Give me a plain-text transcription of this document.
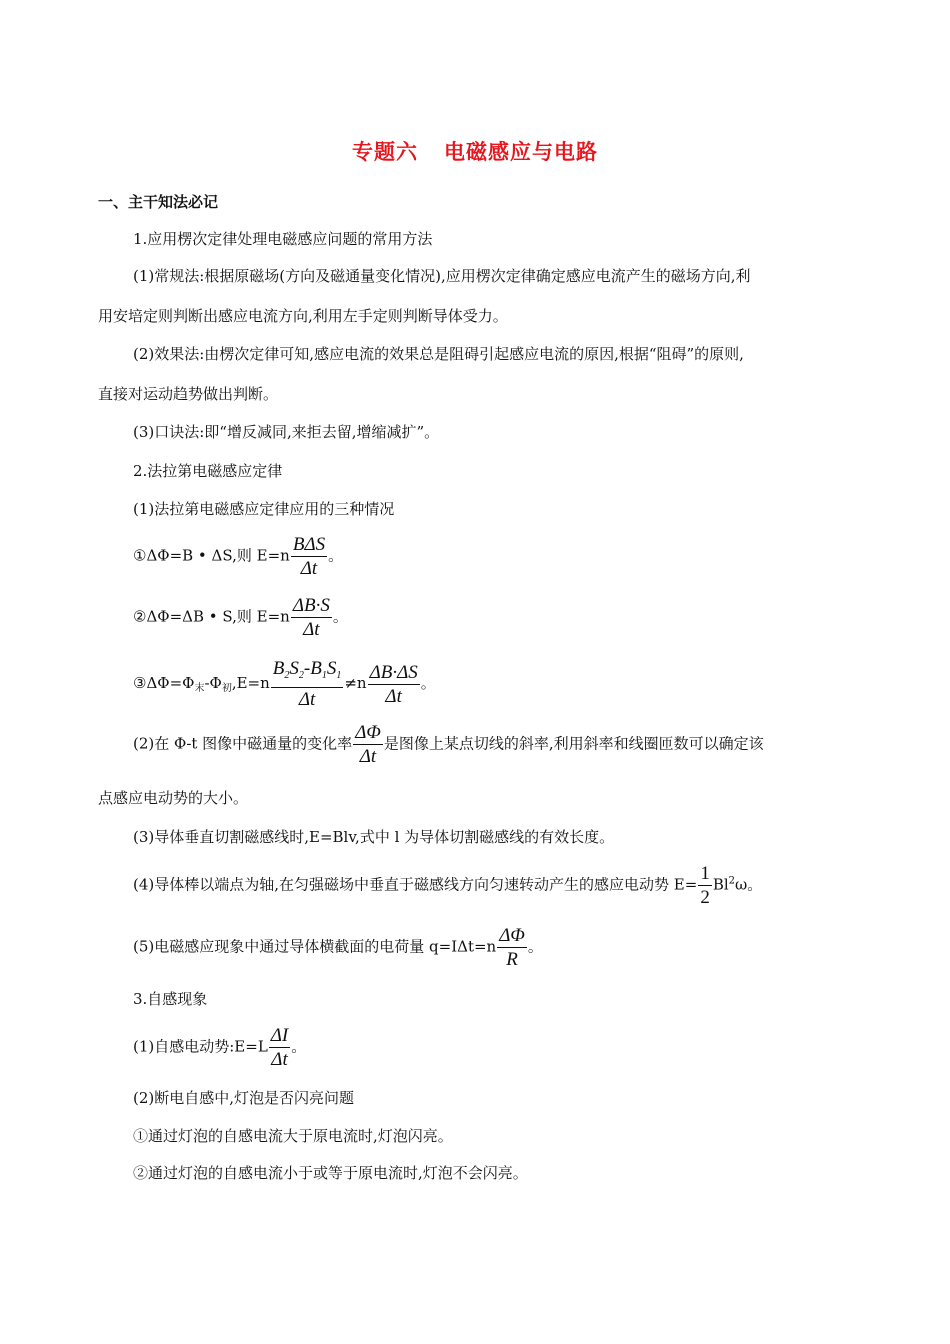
专题六 电磁感应与电路
一、主干知法必记
1.应用楞次定律处理电磁感应问题的常用方法
(1)常规法:根据原磁场(方向及磁通量变化情况),应用楞次定律确定感应电流产生的磁场方向,利
用安培定则判断出感应电流方向,利用左手定则判断导体受力。
(2)效果法:由楞次定律可知,感应电流的效果总是阻碍引起感应电流的原因,根据“阻碍”的原则,
直接对运动趋势做出判断。
(3)口诀法:即“增反减同,来拒去留,增缩减扩”。
2.法拉第电磁感应定律
(1)法拉第电磁感应定律应用的三种情况
①ΔΦ=B • ΔS,则 $E=n \frac{\text{BΔS}}{\Delta t}$ 。
②ΔΦ=ΔB • S,则 $E=n \frac{\Delta B\cdot S}{\Delta t}$ 。
$③\Delta\Phi=\Phi_末-\Phi_初,E=n \frac{B_2S_2-B_1S_1}{\Delta t} \ne n \frac{\Delta B\cdot\Delta S}{\Delta t}$ 。
(2)在 Φ-t 图像中磁通量的变化率 $\frac{\Delta\Phi}{\Delta t}$ 是图像上某点切线的斜率,利用斜率和线圈匝数可以确定该
点感应电动势的大小。
(3)导体垂直切割磁感线时,E=Blv,式中 l 为导体切割磁感线的有效长度。
(4)导体棒以端点为轴,在匀强磁场中垂直于磁感线方向匀速转动产生的感应电动势 $E= \frac{1}{2} Bl^2\omega$。
(5)电磁感应现象中通过导体横截面的电荷量 $q=I\Delta t=n \frac{\Delta\Phi}{R}$ 。
3.自感现象
(1)自感电动势:E=L $\frac{\Delta I}{\Delta t}$ 。
(2)断电自感中,灯泡是否闪亮问题
①通过灯泡的自感电流大于原电流时,灯泡闪亮。
②通过灯泡的自感电流小于或等于原电流时,灯泡不会闪亮。
